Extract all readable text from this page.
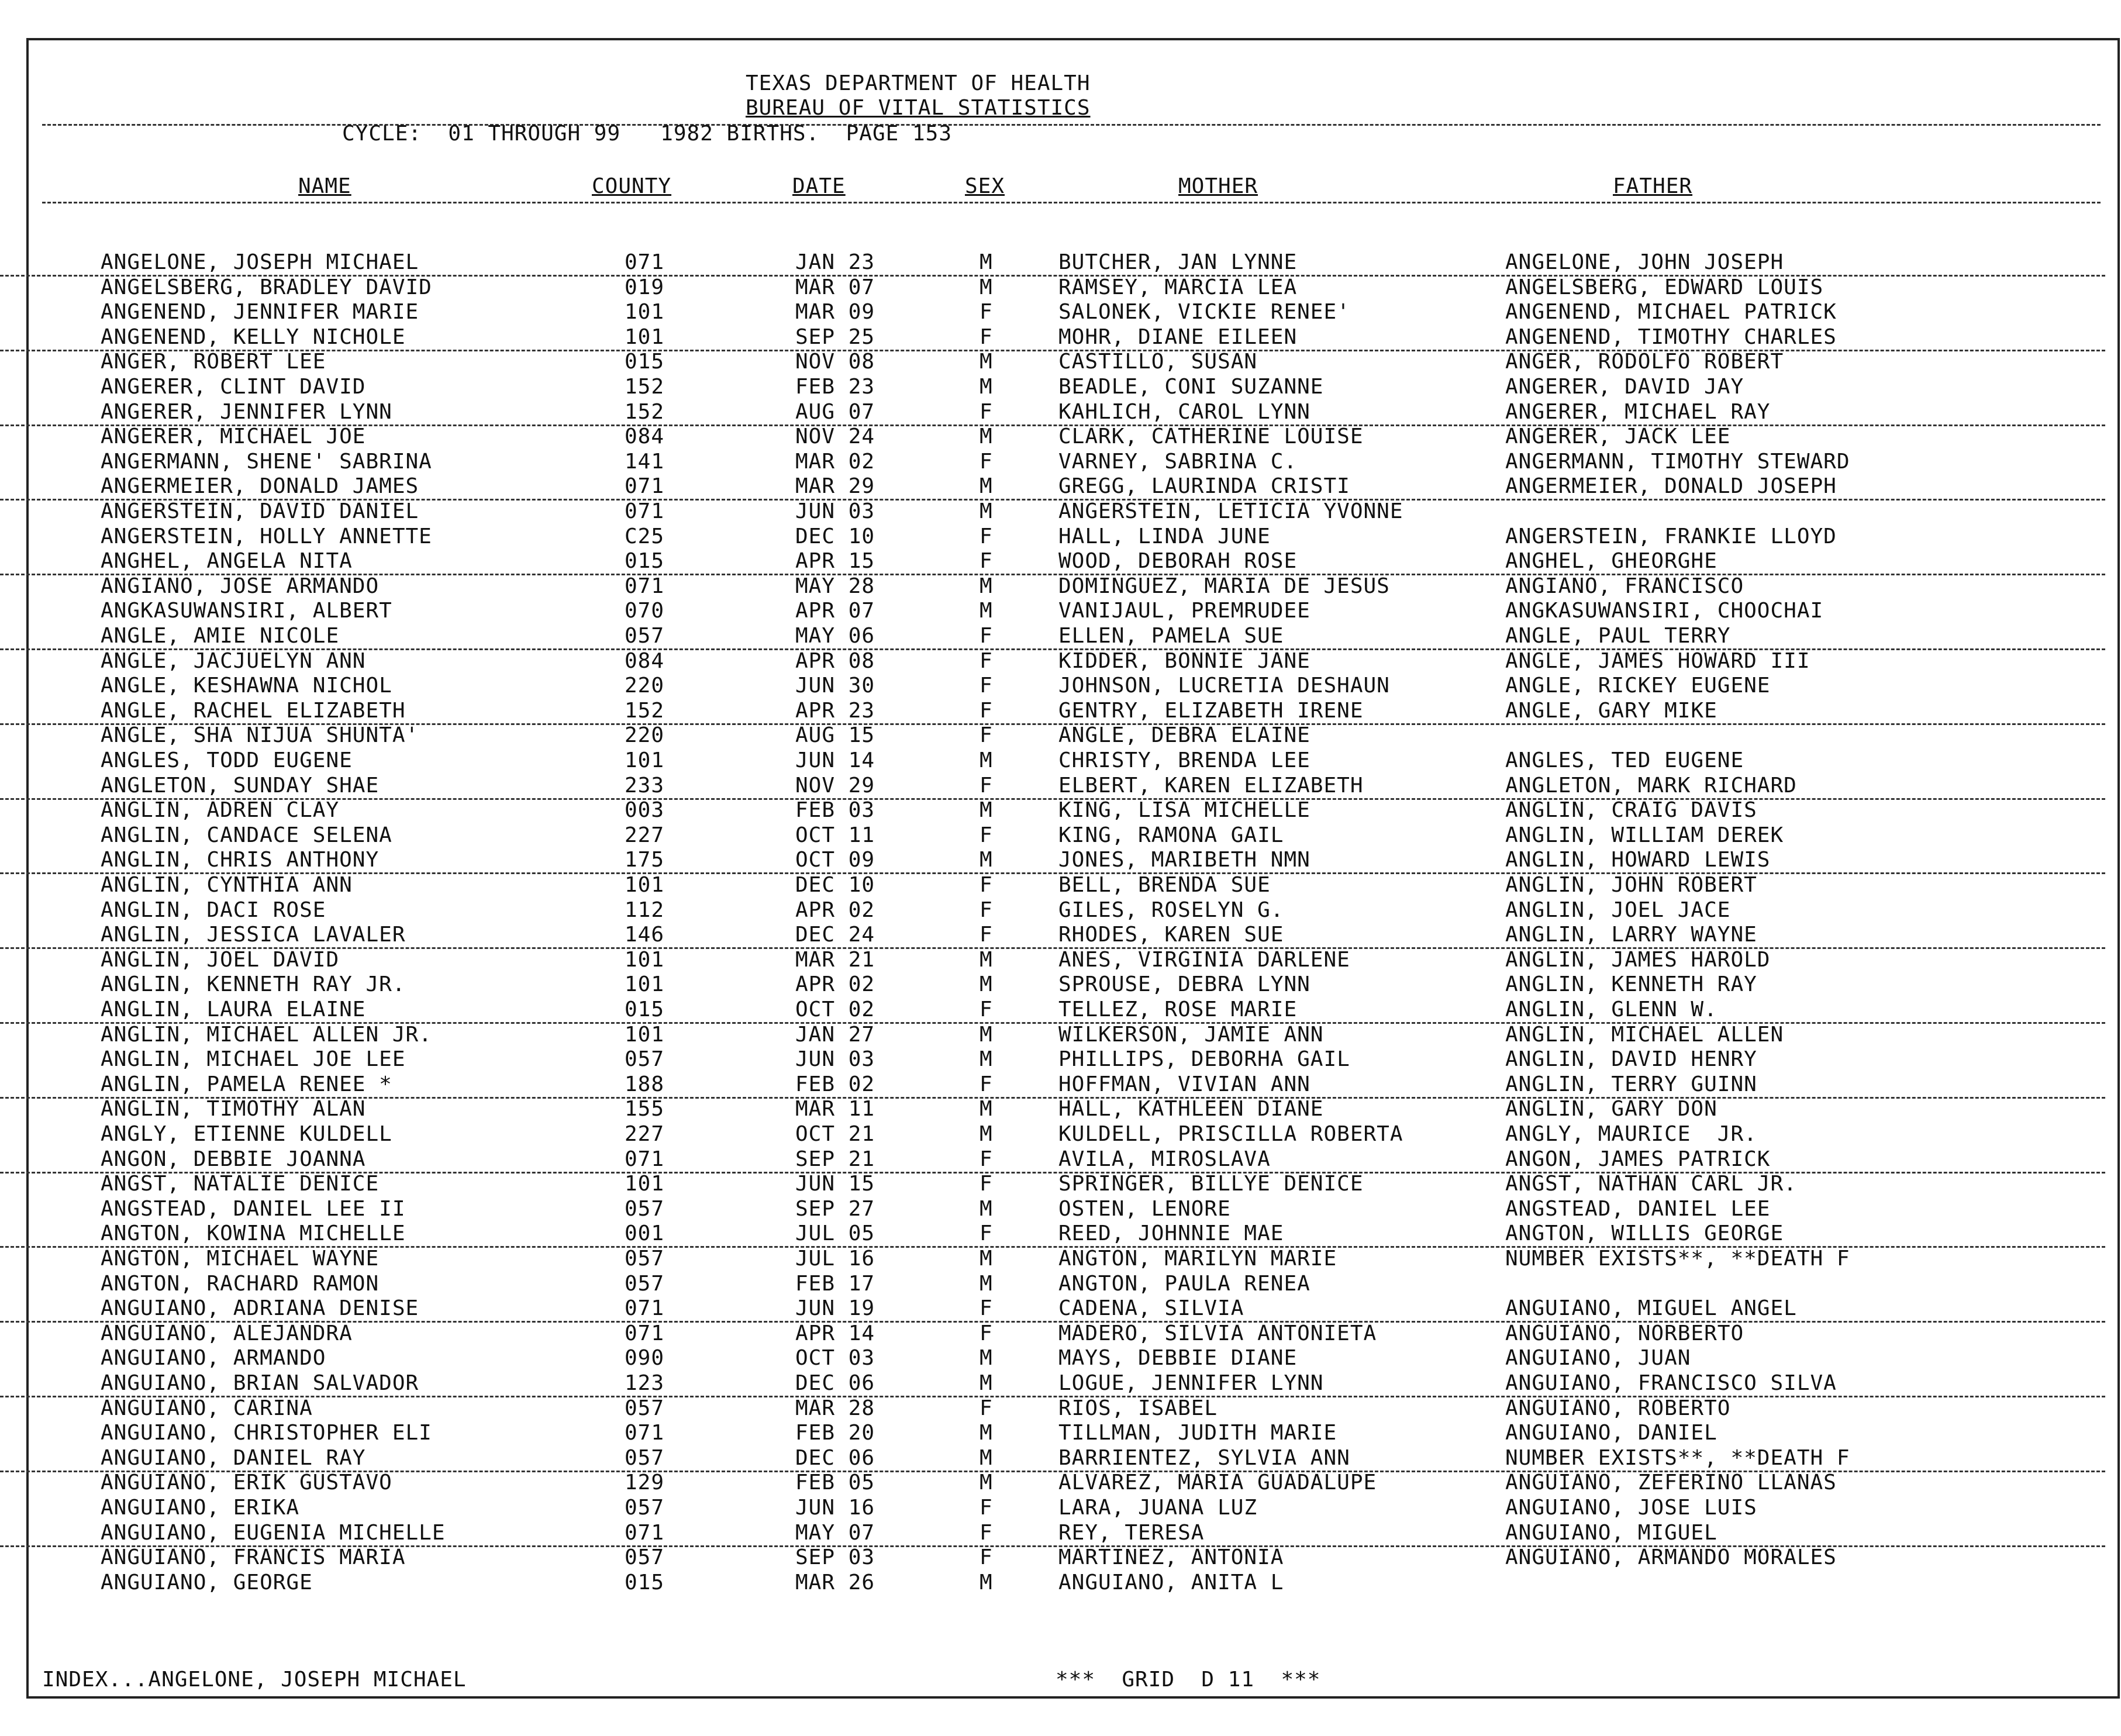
TEXAS DEPARTMENT OF HEALTH
BUREAU OF VITAL STATISTICS
CYCLE:  01 THROUGH 99   1982 BIRTHS.  PAGE 153
NAME	COUNTY	DATE	SEX	MOTHER	FATHER
ANGELONE, JOSEPH MICHAEL	071	JAN 23	M	BUTCHER, JAN LYNNE	ANGELONE, JOHN JOSEPH
ANGELSBERG, BRADLEY DAVID	019	MAR 07	M	RAMSEY, MARCIA LEA	ANGELSBERG, EDWARD LOUIS
ANGENEND, JENNIFER MARIE	101	MAR 09	F	SALONEK, VICKIE RENEE'	ANGENEND, MICHAEL PATRICK
ANGENEND, KELLY NICHOLE	101	SEP 25	F	MOHR, DIANE EILEEN	ANGENEND, TIMOTHY CHARLES
ANGER, ROBERT LEE	015	NOV 08	M	CASTILLO, SUSAN	ANGER, RODOLFO ROBERT
ANGERER, CLINT DAVID	152	FEB 23	M	BEADLE, CONI SUZANNE	ANGERER, DAVID JAY
ANGERER, JENNIFER LYNN	152	AUG 07	F	KAHLICH, CAROL LYNN	ANGERER, MICHAEL RAY
ANGERER, MICHAEL JOE	084	NOV 24	M	CLARK, CATHERINE LOUISE	ANGERER, JACK LEE
ANGERMANN, SHENE' SABRINA	141	MAR 02	F	VARNEY, SABRINA C.	ANGERMANN, TIMOTHY STEWARD
ANGERMEIER, DONALD JAMES	071	MAR 29	M	GREGG, LAURINDA CRISTI	ANGERMEIER, DONALD JOSEPH
ANGERSTEIN, DAVID DANIEL	071	JUN 03	M	ANGERSTEIN, LETICIA YVONNE
ANGERSTEIN, HOLLY ANNETTE	C25	DEC 10	F	HALL, LINDA JUNE	ANGERSTEIN, FRANKIE LLOYD
ANGHEL, ANGELA NITA	015	APR 15	F	WOOD, DEBORAH ROSE	ANGHEL, GHEORGHE
ANGIANO, JOSE ARMANDO	071	MAY 28	M	DOMINGUEZ, MARIA DE JESUS	ANGIANO, FRANCISCO
ANGKASUWANSIRI, ALBERT	070	APR 07	M	VANIJAUL, PREMRUDEE	ANGKASUWANSIRI, CHOOCHAI
ANGLE, AMIE NICOLE	057	MAY 06	F	ELLEN, PAMELA SUE	ANGLE, PAUL TERRY
ANGLE, JACJUELYN ANN	084	APR 08	F	KIDDER, BONNIE JANE	ANGLE, JAMES HOWARD III
ANGLE, KESHAWNA NICHOL	220	JUN 30	F	JOHNSON, LUCRETIA DESHAUN	ANGLE, RICKEY EUGENE
ANGLE, RACHEL ELIZABETH	152	APR 23	F	GENTRY, ELIZABETH IRENE	ANGLE, GARY MIKE
ANGLE, SHA NIJUA SHUNTA'	220	AUG 15	F	ANGLE, DEBRA ELAINE
ANGLES, TODD EUGENE	101	JUN 14	M	CHRISTY, BRENDA LEE	ANGLES, TED EUGENE
ANGLETON, SUNDAY SHAE	233	NOV 29	F	ELBERT, KAREN ELIZABETH	ANGLETON, MARK RICHARD
ANGLIN, ADREN CLAY	003	FEB 03	M	KING, LISA MICHELLE	ANGLIN, CRAIG DAVIS
ANGLIN, CANDACE SELENA	227	OCT 11	F	KING, RAMONA GAIL	ANGLIN, WILLIAM DEREK
ANGLIN, CHRIS ANTHONY	175	OCT 09	M	JONES, MARIBETH NMN	ANGLIN, HOWARD LEWIS
ANGLIN, CYNTHIA ANN	101	DEC 10	F	BELL, BRENDA SUE	ANGLIN, JOHN ROBERT
ANGLIN, DACI ROSE	112	APR 02	F	GILES, ROSELYN G.	ANGLIN, JOEL JACE
ANGLIN, JESSICA LAVALER	146	DEC 24	F	RHODES, KAREN SUE	ANGLIN, LARRY WAYNE
ANGLIN, JOEL DAVID	101	MAR 21	M	ANES, VIRGINIA DARLENE	ANGLIN, JAMES HAROLD
ANGLIN, KENNETH RAY JR.	101	APR 02	M	SPROUSE, DEBRA LYNN	ANGLIN, KENNETH RAY
ANGLIN, LAURA ELAINE	015	OCT 02	F	TELLEZ, ROSE MARIE	ANGLIN, GLENN W.
ANGLIN, MICHAEL ALLEN JR.	101	JAN 27	M	WILKERSON, JAMIE ANN	ANGLIN, MICHAEL ALLEN
ANGLIN, MICHAEL JOE LEE	057	JUN 03	M	PHILLIPS, DEBORHA GAIL	ANGLIN, DAVID HENRY
ANGLIN, PAMELA RENEE *	188	FEB 02	F	HOFFMAN, VIVIAN ANN	ANGLIN, TERRY GUINN
ANGLIN, TIMOTHY ALAN	155	MAR 11	M	HALL, KATHLEEN DIANE	ANGLIN, GARY DON
ANGLY, ETIENNE KULDELL	227	OCT 21	M	KULDELL, PRISCILLA ROBERTA	ANGLY, MAURICE  JR.
ANGON, DEBBIE JOANNA	071	SEP 21	F	AVILA, MIROSLAVA	ANGON, JAMES PATRICK
ANGST, NATALIE DENICE	101	JUN 15	F	SPRINGER, BILLYE DENICE	ANGST, NATHAN CARL JR.
ANGSTEAD, DANIEL LEE II	057	SEP 27	M	OSTEN, LENORE	ANGSTEAD, DANIEL LEE
ANGTON, KOWINA MICHELLE	001	JUL 05	F	REED, JOHNNIE MAE	ANGTON, WILLIS GEORGE
ANGTON, MICHAEL WAYNE	057	JUL 16	M	ANGTON, MARILYN MARIE	NUMBER EXISTS**, **DEATH F
ANGTON, RACHARD RAMON	057	FEB 17	M	ANGTON, PAULA RENEA
ANGUIANO, ADRIANA DENISE	071	JUN 19	F	CADENA, SILVIA	ANGUIANO, MIGUEL ANGEL
ANGUIANO, ALEJANDRA	071	APR 14	F	MADERO, SILVIA ANTONIETA	ANGUIANO, NORBERTO
ANGUIANO, ARMANDO	090	OCT 03	M	MAYS, DEBBIE DIANE	ANGUIANO, JUAN
ANGUIANO, BRIAN SALVADOR	123	DEC 06	M	LOGUE, JENNIFER LYNN	ANGUIANO, FRANCISCO SILVA
ANGUIANO, CARINA	057	MAR 28	F	RIOS, ISABEL	ANGUIANO, ROBERTO
ANGUIANO, CHRISTOPHER ELI	071	FEB 20	M	TILLMAN, JUDITH MARIE	ANGUIANO, DANIEL
ANGUIANO, DANIEL RAY	057	DEC 06	M	BARRIENTEZ, SYLVIA ANN	NUMBER EXISTS**, **DEATH F
ANGUIANO, ERIK GUSTAVO	129	FEB 05	M	ALVAREZ, MARIA GUADALUPE	ANGUIANO, ZEFERINO LLANAS
ANGUIANO, ERIKA	057	JUN 16	F	LARA, JUANA LUZ	ANGUIANO, JOSE LUIS
ANGUIANO, EUGENIA MICHELLE	071	MAY 07	F	REY, TERESA	ANGUIANO, MIGUEL
ANGUIANO, FRANCIS MARIA	057	SEP 03	F	MARTINEZ, ANTONIA	ANGUIANO, ARMANDO MORALES
ANGUIANO, GEORGE	015	MAR 26	M	ANGUIANO, ANITA L
INDEX...ANGELONE, JOSEPH MICHAEL	***  GRID  D 11  ***
